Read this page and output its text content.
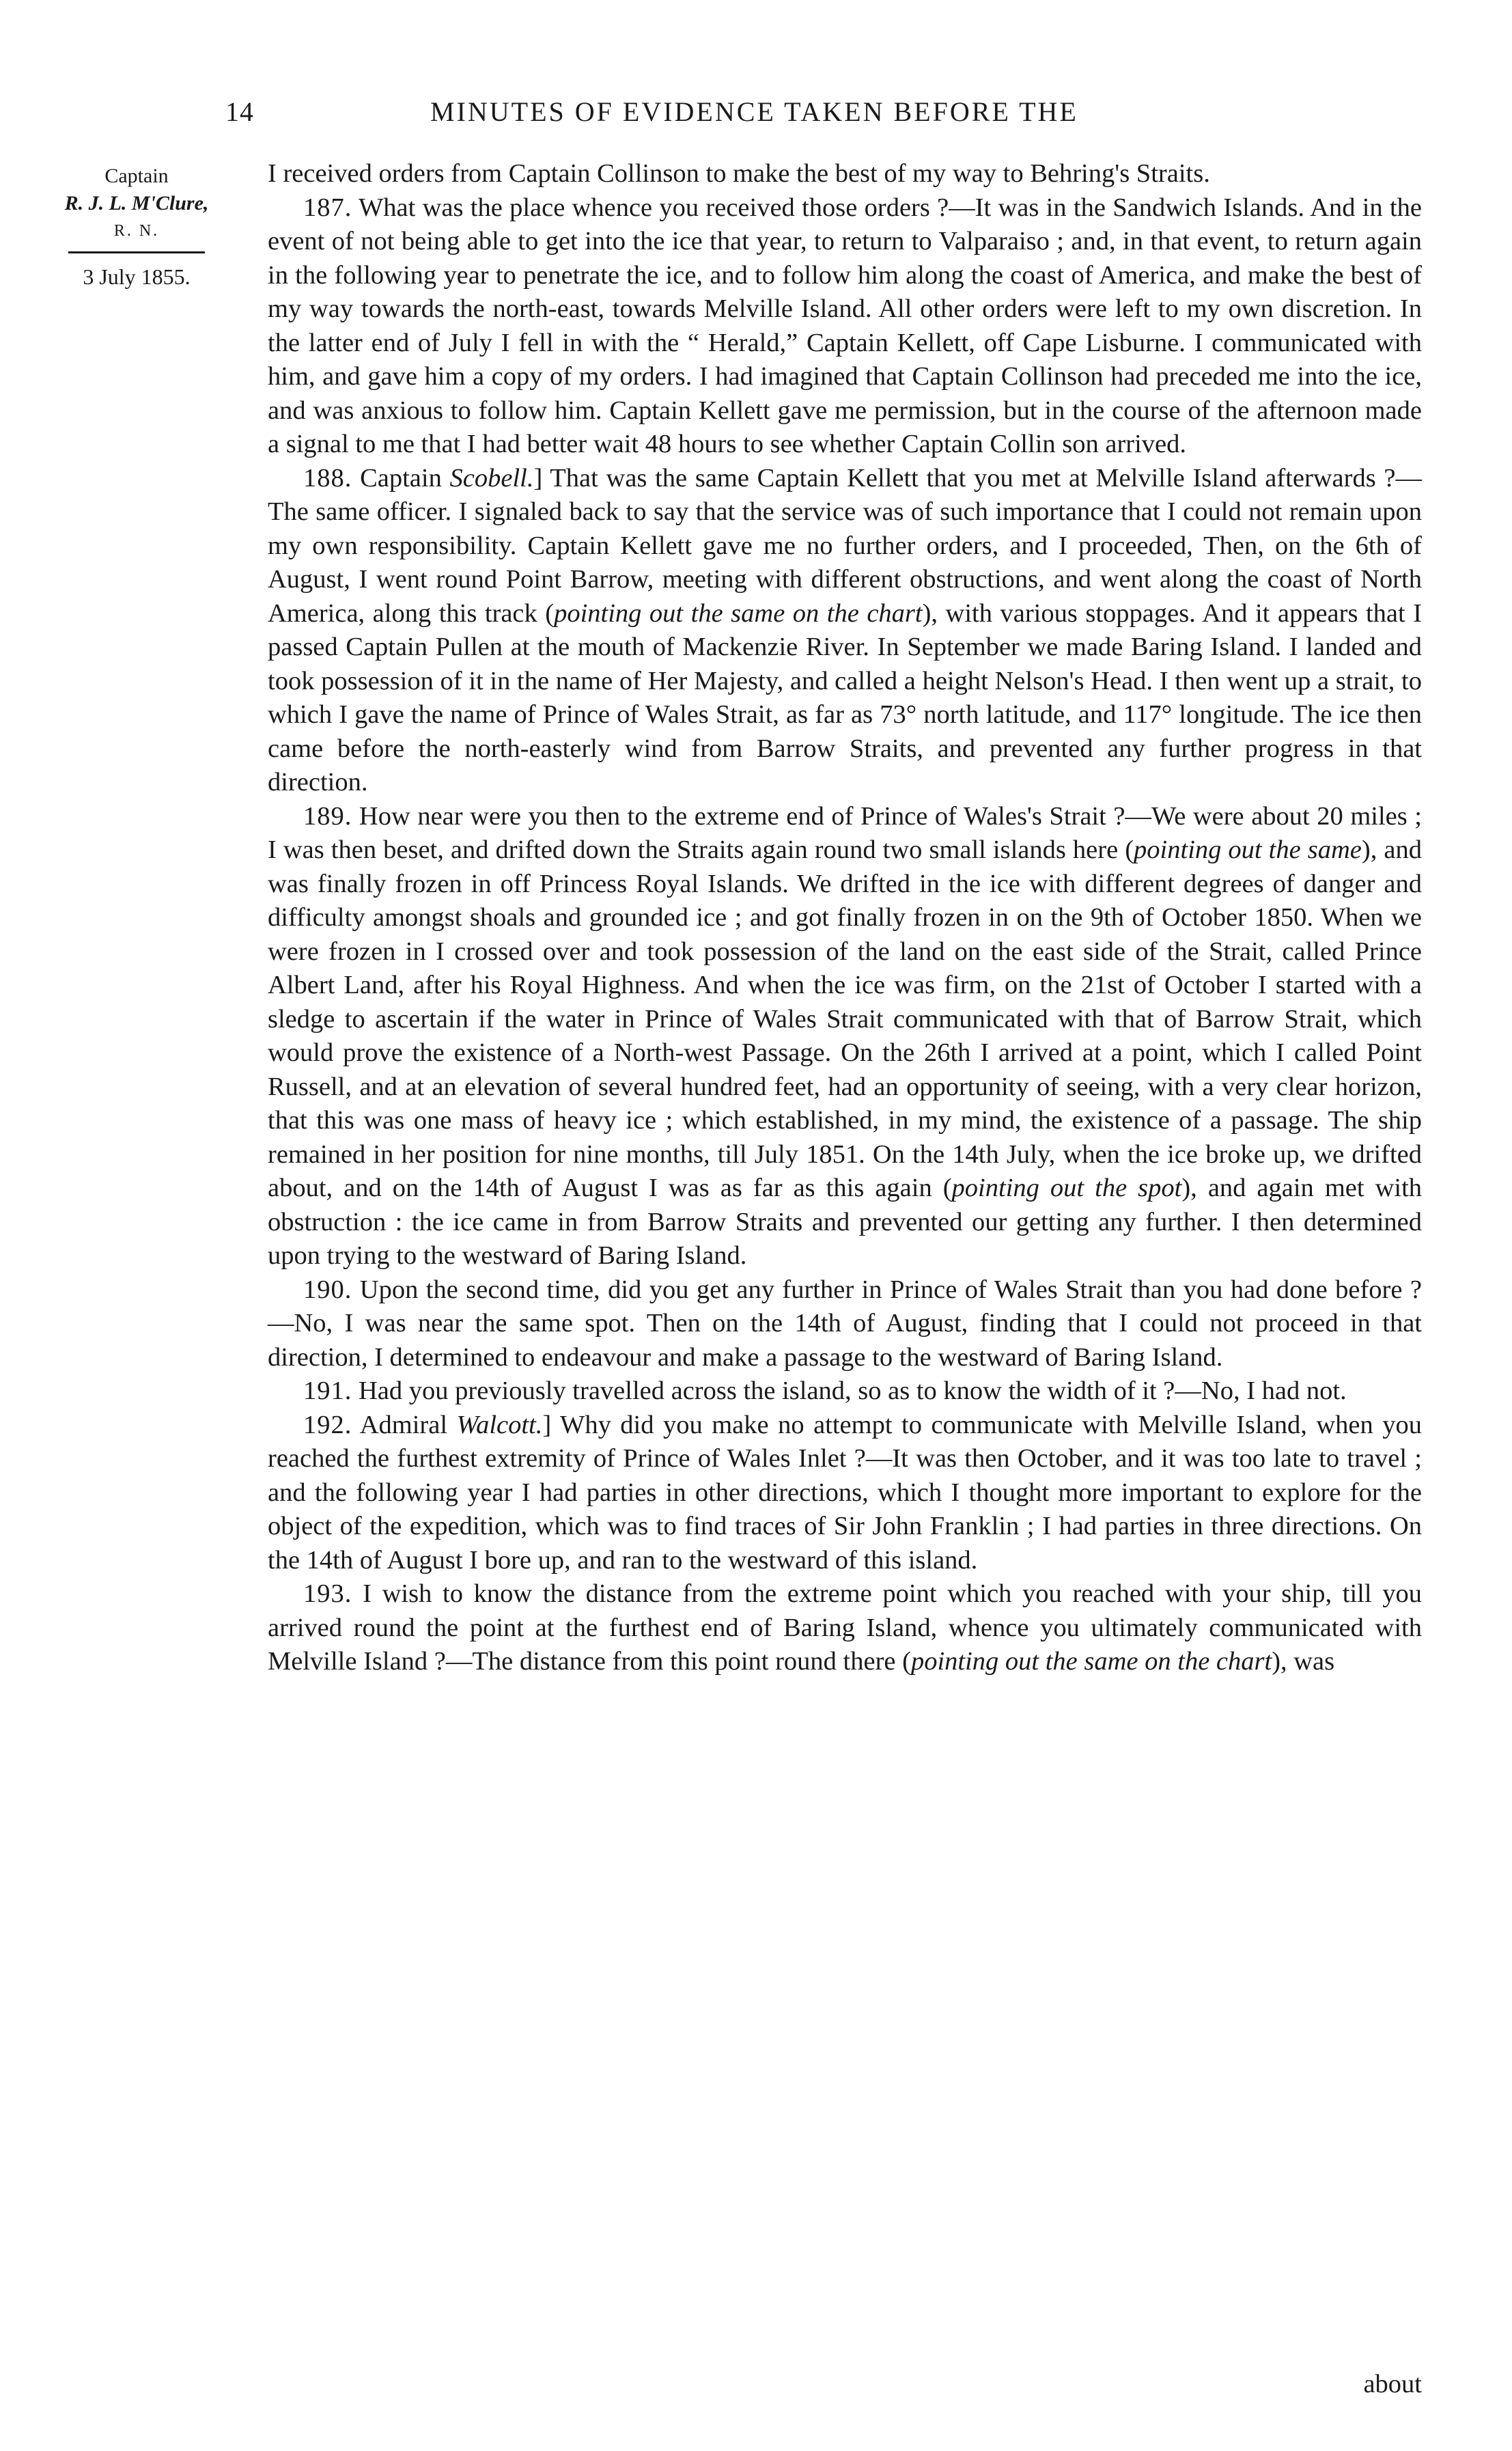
14	MINUTES OF EVIDENCE TAKEN BEFORE THE
Captain
R. J. L. M'Clure,
R. N.
3 July 1855.

I received orders from Captain Collinson to make the best of my way to Behring's Straits.

187. What was the place whence you received those orders ?—It was in the Sandwich Islands. And in the event of not being able to get into the ice that year, to return to Valparaiso ; and, in that event, to return again in the following year to penetrate the ice, and to follow him along the coast of America, and make the best of my way towards the north-east, towards Melville Island. All other orders were left to my own discretion. In the latter end of July I fell in with the “ Herald,” Captain Kellett, off Cape Lisburne. I communicated with him, and gave him a copy of my orders. I had imagined that Captain Collinson had preceded me into the ice, and was anxious to follow him. Captain Kellett gave me permission, but in the course of the afternoon made a signal to me that I had better wait 48 hours to see whether Captain Collin son arrived.

188. Captain Scobell.] That was the same Captain Kellett that you met at Melville Island afterwards ?—The same officer. I signaled back to say that the service was of such importance that I could not remain upon my own responsibility. Captain Kellett gave me no further orders, and I proceeded, Then, on the 6th of August, I went round Point Barrow, meeting with different obstructions, and went along the coast of North America, along this track (pointing out the same on the chart), with various stoppages. And it appears that I passed Captain Pullen at the mouth of Mackenzie River. In September we made Baring Island. I landed and took possession of it in the name of Her Majesty, and called a height Nelson's Head. I then went up a strait, to which I gave the name of Prince of Wales Strait, as far as 73° north latitude, and 117° longitude. The ice then came before the north-easterly wind from Barrow Straits, and prevented any further progress in that direction.

189. How near were you then to the extreme end of Prince of Wales's Strait ?—We were about 20 miles ; I was then beset, and drifted down the Straits again round two small islands here (pointing out the same), and was finally frozen in off Princess Royal Islands. We drifted in the ice with different degrees of danger and difficulty amongst shoals and grounded ice ; and got finally frozen in on the 9th of October 1850. When we were frozen in I crossed over and took possession of the land on the east side of the Strait, called Prince Albert Land, after his Royal Highness. And when the ice was firm, on the 21st of October I started with a sledge to ascertain if the water in Prince of Wales Strait communicated with that of Barrow Strait, which would prove the existence of a North-west Passage. On the 26th I arrived at a point, which I called Point Russell, and at an elevation of several hundred feet, had an opportunity of seeing, with a very clear horizon, that this was one mass of heavy ice ; which established, in my mind, the existence of a passage. The ship remained in her position for nine months, till July 1851. On the 14th July, when the ice broke up, we drifted about, and on the 14th of August I was as far as this again (pointing out the spot), and again met with obstruction : the ice came in from Barrow Straits and prevented our getting any further. I then determined upon trying to the westward of Baring Island.

190. Upon the second time, did you get any further in Prince of Wales Strait than you had done before ?—No, I was near the same spot. Then on the 14th of August, finding that I could not proceed in that direction, I determined to endeavour and make a passage to the westward of Baring Island.

191. Had you previously travelled across the island, so as to know the width of it ?—No, I had not.

192. Admiral Walcott.] Why did you make no attempt to communicate with Melville Island, when you reached the furthest extremity of Prince of Wales Inlet ?—It was then October, and it was too late to travel ; and the following year I had parties in other directions, which I thought more important to explore for the object of the expedition, which was to find traces of Sir John Franklin ; I had parties in three directions. On the 14th of August I bore up, and ran to the westward of this island.

193. I wish to know the distance from the extreme point which you reached with your ship, till you arrived round the point at the furthest end of Baring Island, whence you ultimately communicated with Melville Island ?—The distance from this point round there (pointing out the same on the chart), was

about
